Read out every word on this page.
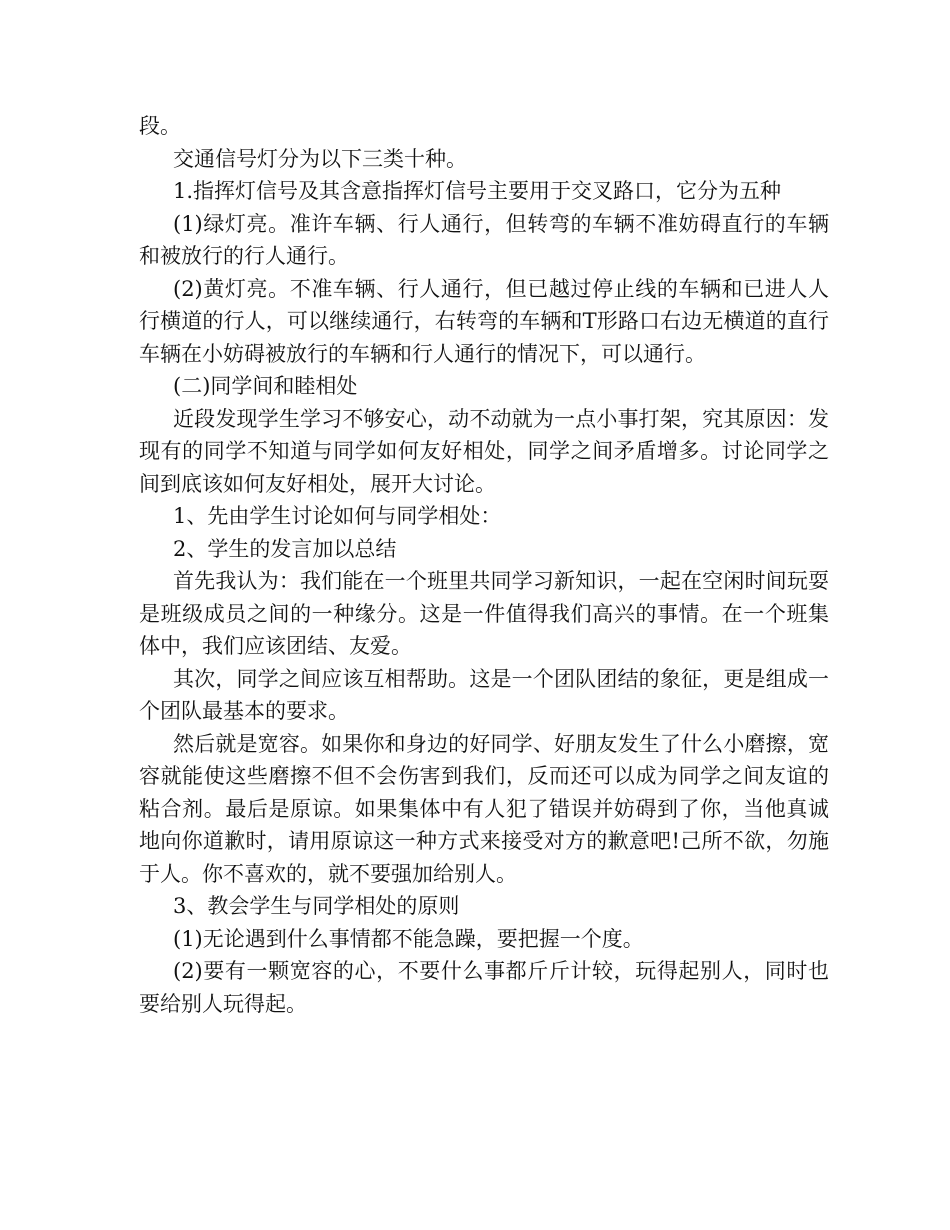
段。

交通信号灯分为以下三类十种。

1.指挥灯信号及其含意指挥灯信号主要用于交叉路口，它分为五种

(1)绿灯亮。准许车辆、行人通行，但转弯的车辆不准妨碍直行的车辆和被放行的行人通行。

(2)黄灯亮。不准车辆、行人通行，但已越过停止线的车辆和已进人人行横道的行人，可以继续通行，右转弯的车辆和T形路口右边无横道的直行车辆在小妨碍被放行的车辆和行人通行的情况下，可以通行。

(二)同学间和睦相处

近段发现学生学习不够安心，动不动就为一点小事打架，究其原因：发现有的同学不知道与同学如何友好相处，同学之间矛盾增多。讨论同学之间到底该如何友好相处，展开大讨论。

1、先由学生讨论如何与同学相处：

2、学生的发言加以总结

首先我认为：我们能在一个班里共同学习新知识，一起在空闲时间玩耍是班级成员之间的一种缘分。这是一件值得我们高兴的事情。在一个班集体中，我们应该团结、友爱。

其次，同学之间应该互相帮助。这是一个团队团结的象征，更是组成一个团队最基本的要求。

然后就是宽容。如果你和身边的好同学、好朋友发生了什么小磨擦，宽容就能使这些磨擦不但不会伤害到我们，反而还可以成为同学之间友谊的粘合剂。最后是原谅。如果集体中有人犯了错误并妨碍到了你，当他真诚地向你道歉时，请用原谅这一种方式来接受对方的歉意吧!己所不欲，勿施于人。你不喜欢的，就不要强加给别人。

3、教会学生与同学相处的原则

(1)无论遇到什么事情都不能急躁，要把握一个度。

(2)要有一颗宽容的心，不要什么事都斤斤计较，玩得起别人，同时也要给别人玩得起。
